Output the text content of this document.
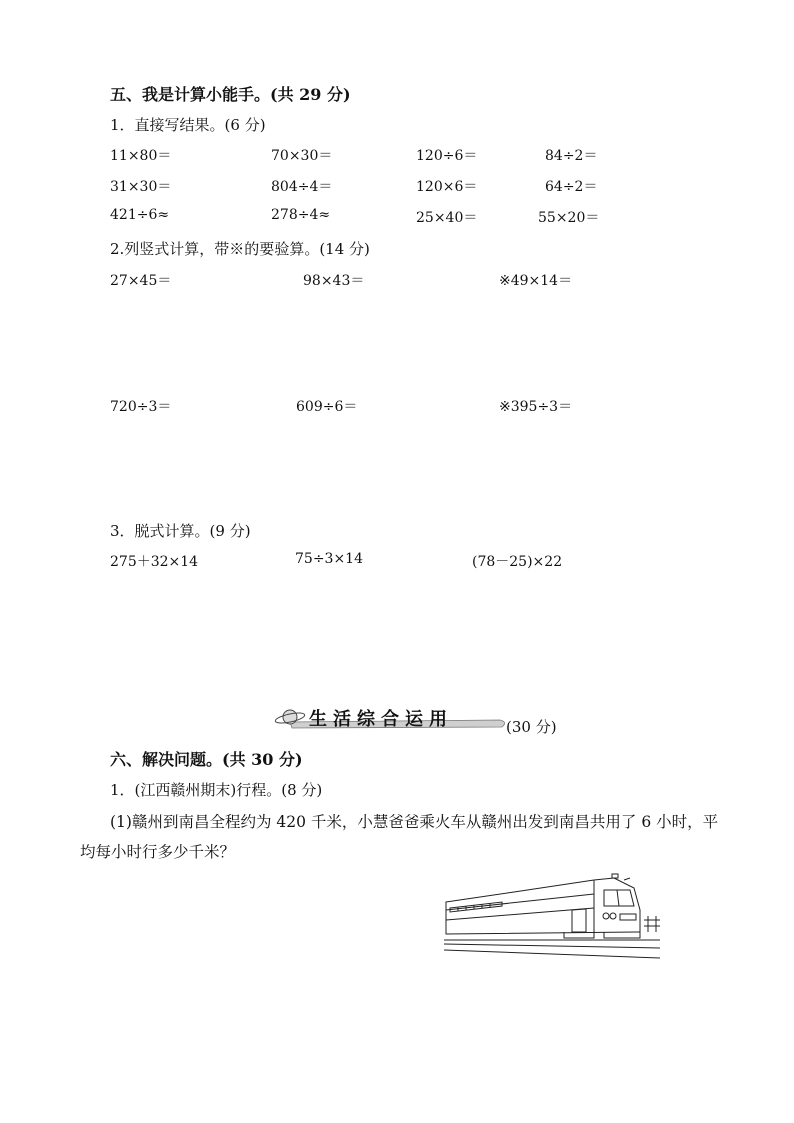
五、我是计算小能手。(共 29 分)
1．直接写结果。(6 分)
11×80＝	70×30＝	120÷6＝	84÷2＝
31×30＝	804÷4＝	120×6＝	64÷2＝
421÷6≈	278÷4≈	25×40＝	55×20＝
2.列竖式计算，带※的要验算。(14 分)
27×45＝	98×43＝	※49×14＝
720÷3＝	609÷6＝	※395÷3＝
3．脱式计算。(9 分)
275＋32×14	75÷3×14	(78－25)×22
生活综合运用	(30 分)
六、解决问题。(共 30 分)
1．(江西赣州期末)行程。(8 分)
(1)赣州到南昌全程约为 420 千米，小慧爸爸乘火车从赣州出发到南昌共用了 6 小时，平
均每小时行多少千米？
